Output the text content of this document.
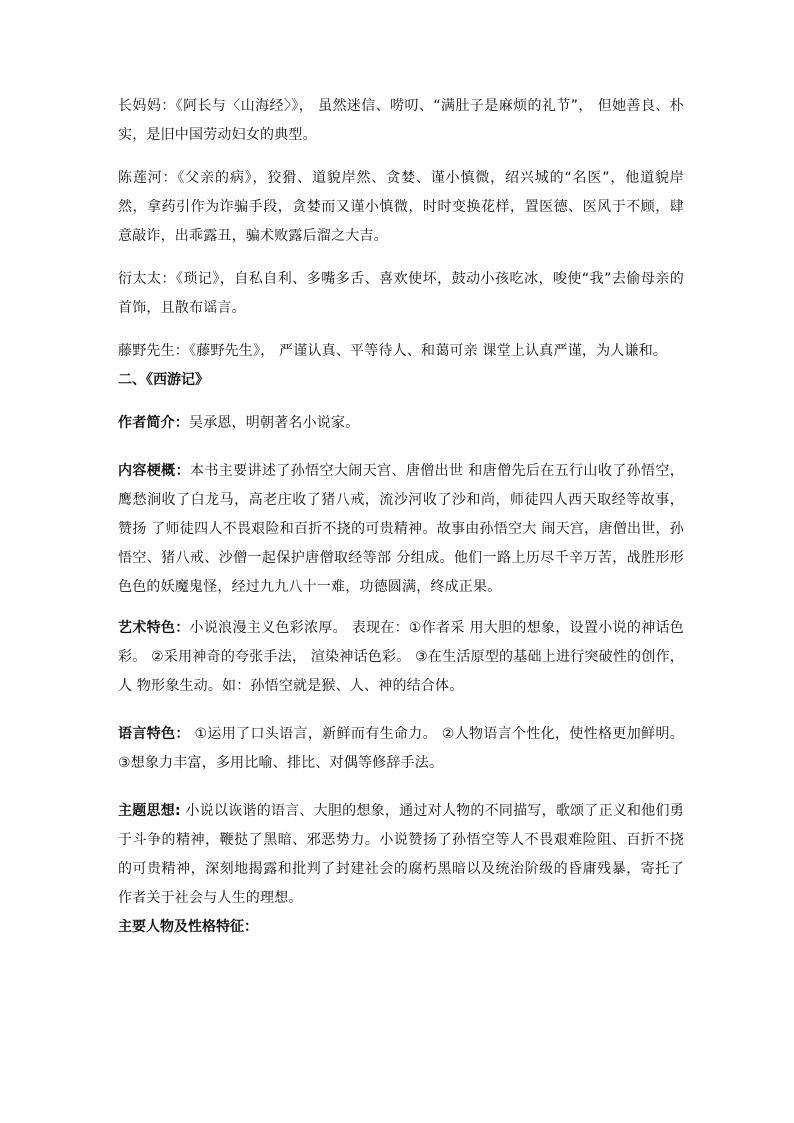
长妈妈：《阿长与〈山海经〉》， 虽然迷信、唠叨、“满肚子是麻烦的礼节”， 但她善良、朴实，是旧中国劳动妇女的典型。

陈莲河：《父亲的病》，狡猾、道貌岸然、贪婪、谨小慎微，绍兴城的“名医”，他道貌岸然，拿药引作为诈骗手段，贪婪而又谨小慎微，时时变换花样，置医德、医风于不顾，肆意敲诈，出乖露丑，骗术败露后溜之大吉。

衍太太：《琐记》，自私自利、多嘴多舌、喜欢使坏，鼓动小孩吃冰，唆使“我”去偷母亲的首饰，且散布谣言。

藤野先生：《藤野先生》， 严谨认真、平等待人、和蔼可亲 课堂上认真严谨，为人谦和。

二、《西游记》

作者简介：吴承恩，明朝著名小说家。

内容梗概：本书主要讲述了孙悟空大闹天宫、唐僧出世 和唐僧先后在五行山收了孙悟空，鹰愁涧收了白龙马，高老庄收了猪八戒，流沙河收了沙和尚，师徒四人西天取经等故事，赞扬 了师徒四人不畏艰险和百折不挠的可贵精神。故事由孙悟空大 闹天宫，唐僧出世，孙悟空、猪八戒、沙僧一起保护唐僧取经等部 分组成。他们一路上历尽千辛万苦，战胜形形色色的妖魔鬼怪，经过九九八十一难，功德圆满，终成正果。

艺术特色：小说浪漫主义色彩浓厚。 表现在：①作者采 用大胆的想象，设置小说的神话色彩。 ②采用神奇的夸张手法， 渲染神话色彩。 ③在生活原型的基础上进行突破性的创作，人 物形象生动。如：孙悟空就是猴、人、神的结合体。

语言特色： ①运用了口头语言，新鲜而有生命力。 ②人物语言个性化，使性格更加鲜明。 ③想象力丰富，多用比喻、排比、对偶等修辞手法。

主题思想: 小说以诙谐的语言、大胆的想象，通过对人物的不同描写，歌颂了正义和他们勇于斗争的精神，鞭挞了黑暗、邪恶势力。小说赞扬了孙悟空等人不畏艰难险阻、百折不挠的可贵精神，深刻地揭露和批判了封建社会的腐朽黑暗以及统治阶级的昏庸残暴，寄托了作者关于社会与人生的理想。

主要人物及性格特征：
